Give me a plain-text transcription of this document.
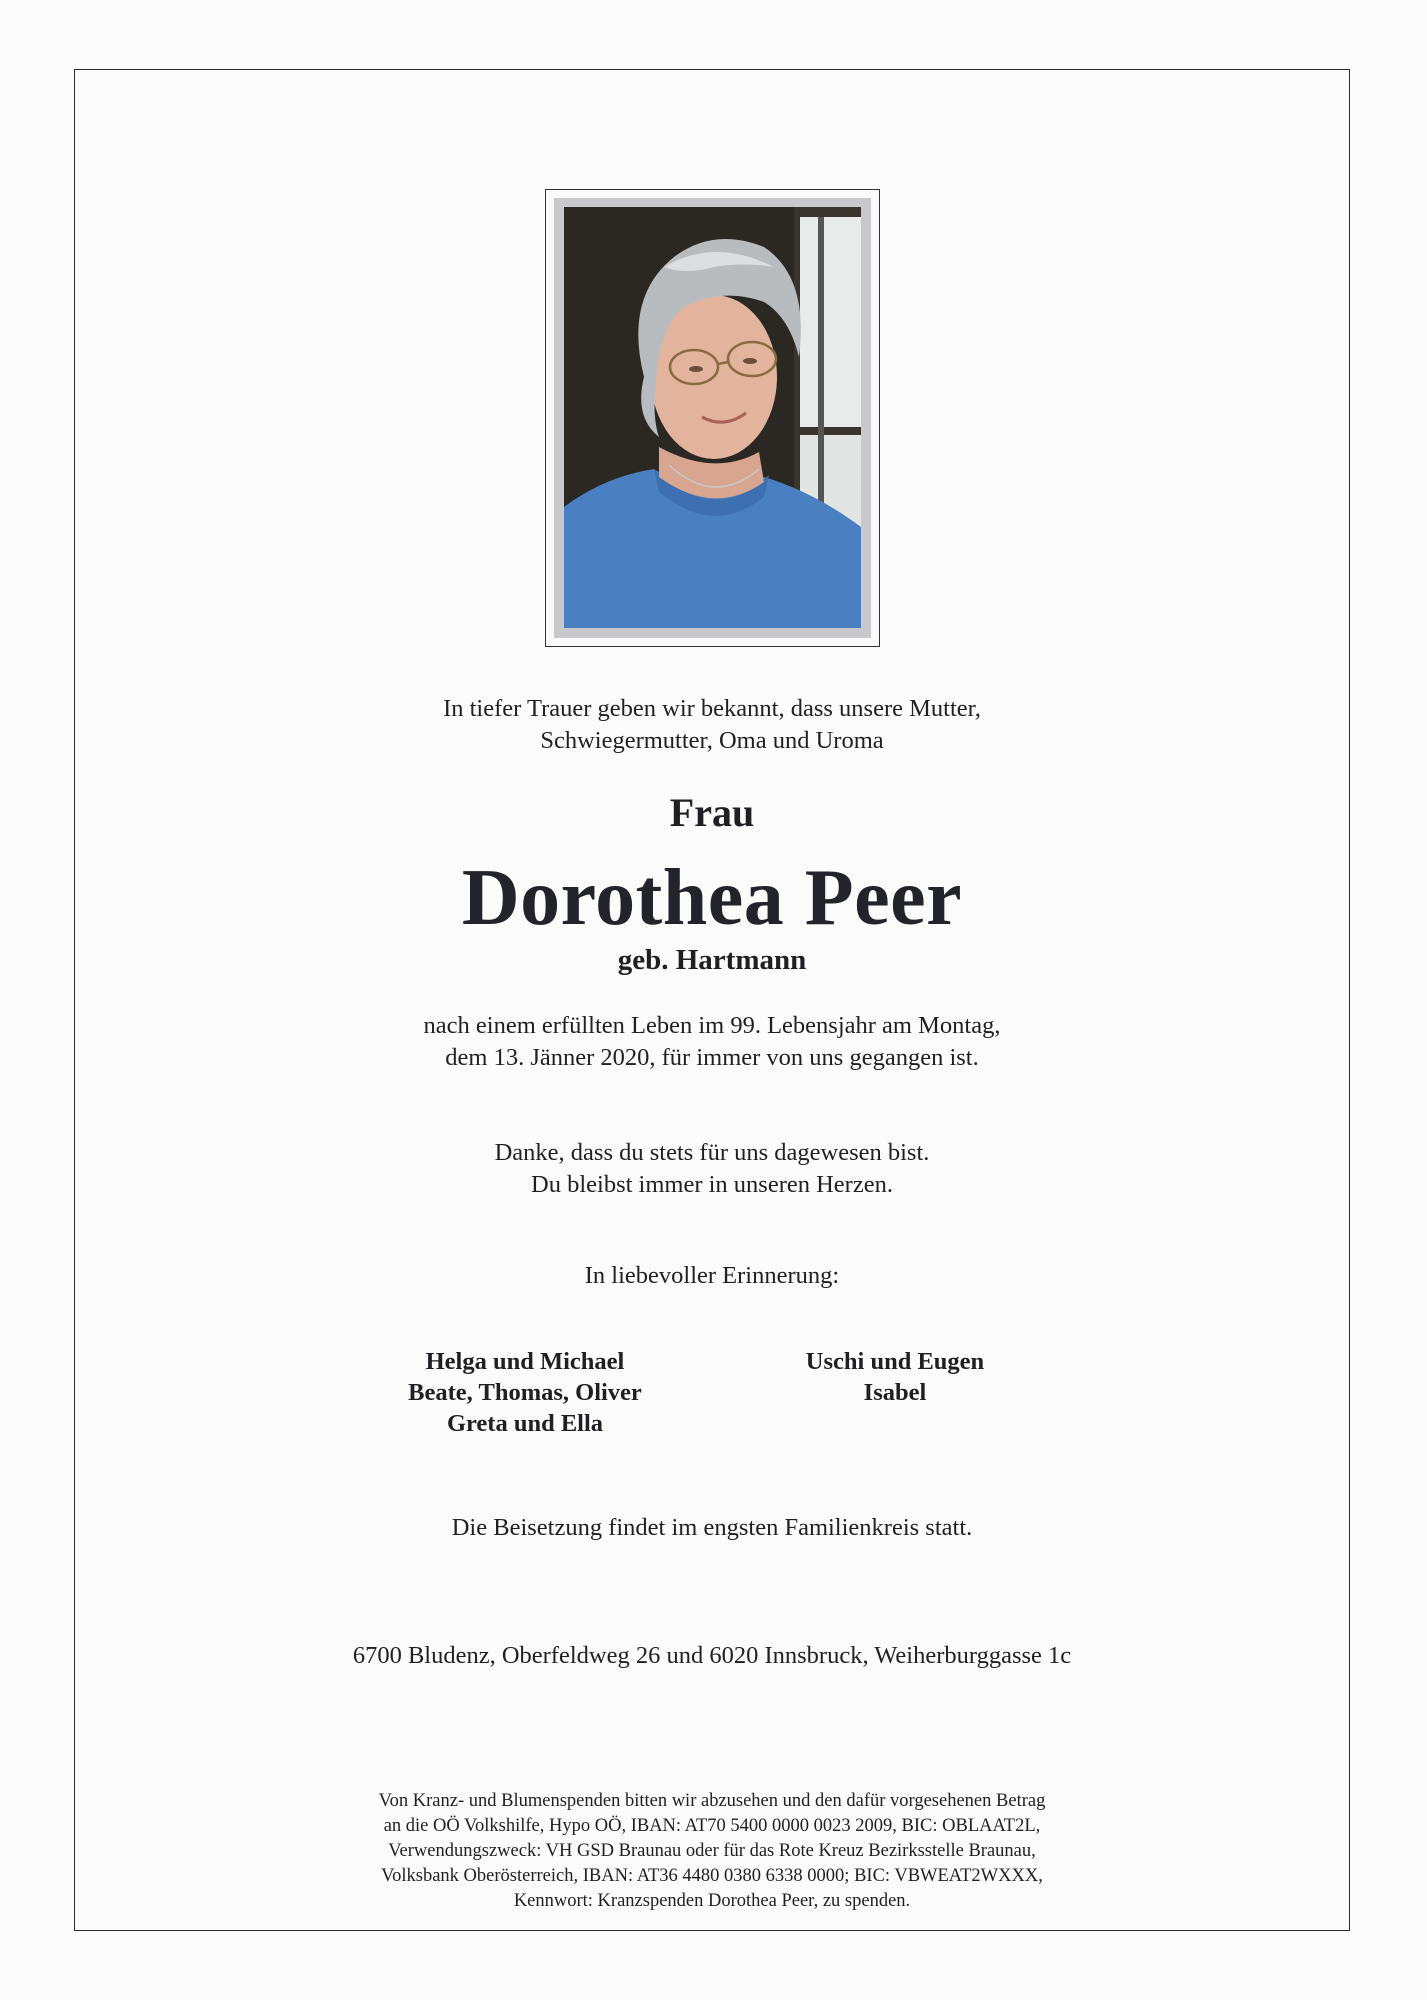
In tiefer Trauer geben wir bekannt, dass unsere Mutter,
Schwiegermutter, Oma und Uroma
Frau
Dorothea Peer
geb. Hartmann
nach einem erfüllten Leben im 99. Lebensjahr am Montag,
dem 13. Jänner 2020, für immer von uns gegangen ist.
Danke, dass du stets für uns dagewesen bist.
Du bleibst immer in unseren Herzen.
In liebevoller Erinnerung:
Helga und Michael
Beate, Thomas, Oliver
Greta und Ella
Uschi und Eugen
Isabel
Die Beisetzung findet im engsten Familienkreis statt.
6700 Bludenz, Oberfeldweg 26 und 6020 Innsbruck, Weiherburggasse 1c
Von Kranz- und Blumenspenden bitten wir abzusehen und den dafür vorgesehenen Betrag
an die OÖ Volkshilfe, Hypo OÖ, IBAN: AT70 5400 0000 0023 2009, BIC: OBLAAT2L,
Verwendungszweck: VH GSD Braunau oder für das Rote Kreuz Bezirksstelle Braunau,
Volksbank Oberösterreich, IBAN: AT36 4480 0380 6338 0000; BIC: VBWEAT2WXXX,
Kennwort: Kranzspenden Dorothea Peer, zu spenden.
